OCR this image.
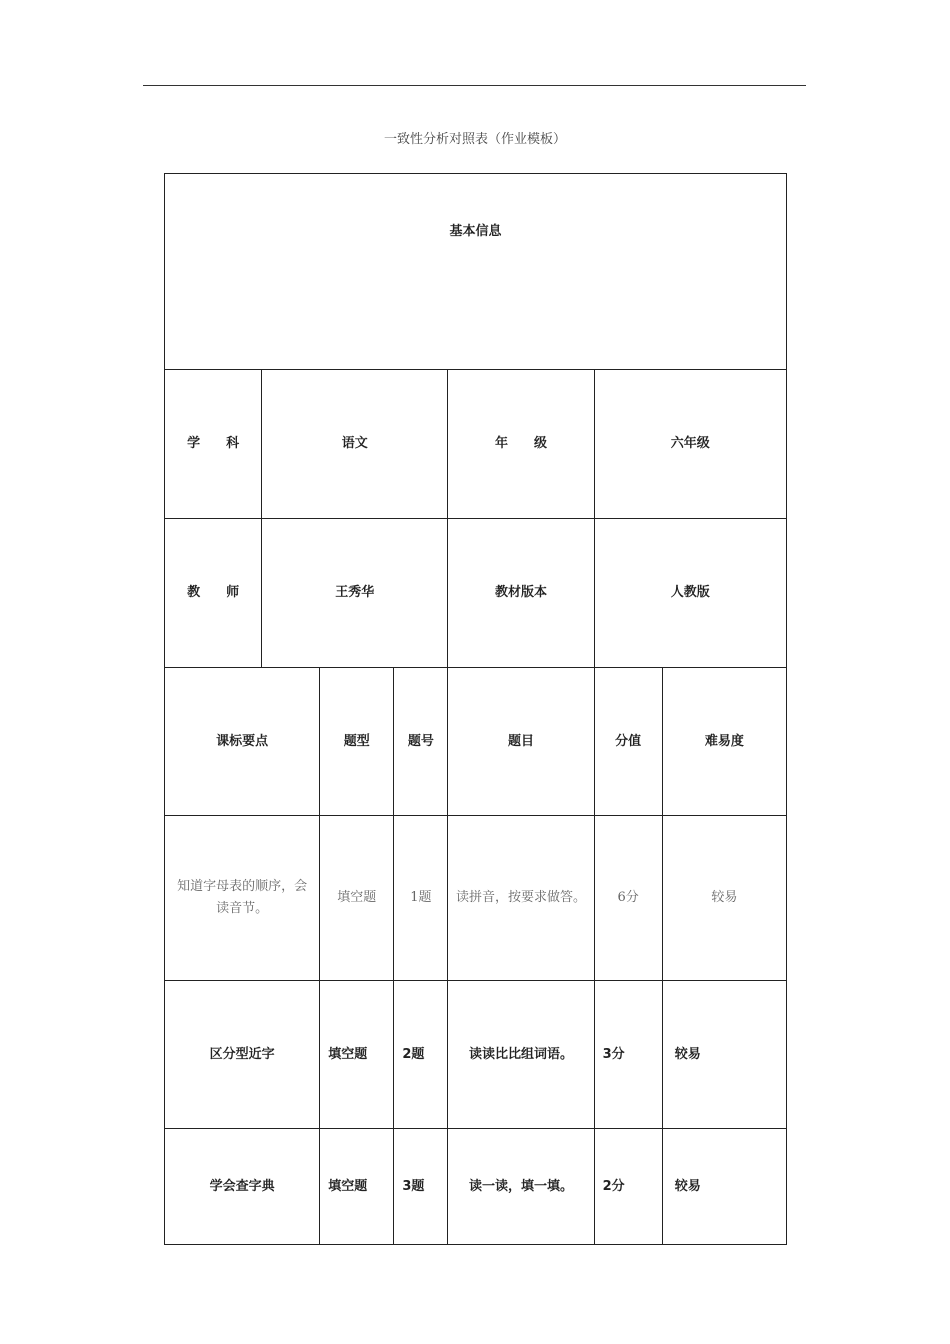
一致性分析对照表（作业模板）
基本信息						
学　　科	语文			年　　级	六年级	
教　　师	王秀华			教材版本	人教版	
课标要点		题型	题号	题目	分值	难易度
知道字母表的顺序，会读音节。		填空题	1题	读拼音，按要求做答。	6分	较易
区分型近字		填空题	2题	读读比比组词语。	3分	较易
学会查字典		填空题	3题	读一读，填一填。	2分	较易
